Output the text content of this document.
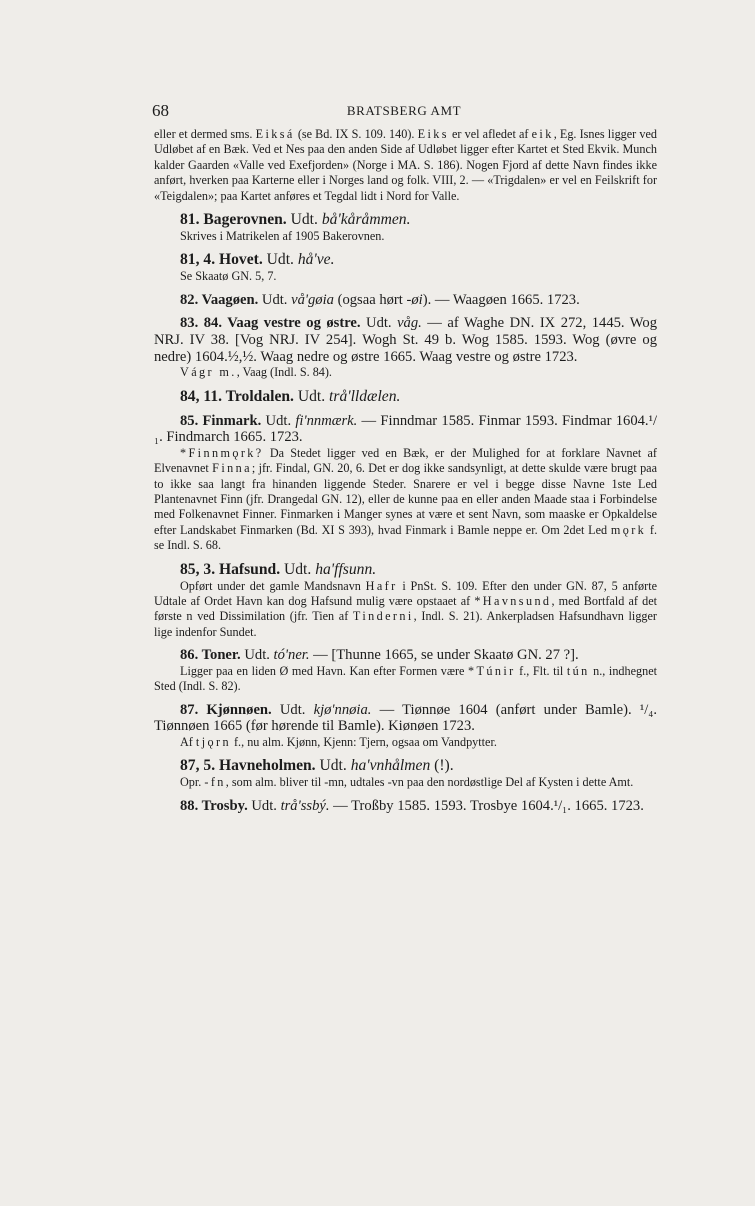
68	BRATSBERG AMT

eller et dermed sms. Eiksá (se Bd. IX S. 109. 140). Eiks er vel afledet af eik, Eg. Isnes ligger ved Udløbet af en Bæk. Ved et Nes paa den anden Side af Udløbet ligger efter Kartet et Sted Ekvik. Munch kalder Gaarden «Valle ved Exefjorden» (Norge i MA. S. 186). Nogen Fjord af dette Navn findes ikke anført, hverken paa Karterne eller i Norges land og folk. VIII, 2. — «Trigdalen» er vel en Feilskrift for «Teigdalen»; paa Kartet anføres et Tegdal lidt i Nord for Valle.

81. Bagerovnen. Udt. bå'kåråmmen.

Skrives i Matrikelen af 1905 Bakerovnen.

81, 4. Hovet. Udt. hå've.

Se Skaatø GN. 5, 7.

82. Vaagøen. Udt. vå'gøia (ogsaa hørt -øi). — Waagøen 1665. 1723.

83. 84. Vaag vestre og østre. Udt. våg. — af Waghe DN. IX 272, 1445. Wog NRJ. IV 38. [Vog NRJ. IV 254]. Wogh St. 49 b. Wog 1585. 1593. Wog (øvre og nedre) 1604.½,½. Waag nedre og østre 1665. Waag vestre og østre 1723.

Vágr m., Vaag (Indl. S. 84).

84, 11. Troldalen. Udt. trå'lldælen.

85. Finmark. Udt. fi'nnmærk. — Finndmar 1585. Finmar 1593. Findmar 1604.¹/₁. Findmarch 1665. 1723.

*Finnmǫrk? Da Stedet ligger ved en Bæk, er der Mulighed for at forklare Navnet af Elvenavnet Finna; jfr. Findal, GN. 20, 6. Det er dog ikke sandsynligt, at dette skulde være brugt paa to ikke saa langt fra hinanden liggende Steder. Snarere er vel i begge disse Navne 1ste Led Plantenavnet Finn (jfr. Drangedal GN. 12), eller de kunne paa en eller anden Maade staa i Forbindelse med Folkenavnet Finner. Finmarken i Manger synes at være et sent Navn, som maaske er Opkaldelse efter Landskabet Finmarken (Bd. XI S 393), hvad Finmark i Bamle neppe er. Om 2det Led mǫrk f. se Indl. S. 68.

85, 3. Hafsund. Udt. ha'ffsunn.

Opført under det gamle Mandsnavn Hafr i PnSt. S. 109. Efter den under GN. 87, 5 anførte Udtale af Ordet Havn kan dog Hafsund mulig være opstaaet af *Havnsund, med Bortfald af det første n ved Dissimilation (jfr. Tien af Tinderni, Indl. S. 21). Ankerpladsen Hafsundhavn ligger lige indenfor Sundet.

86. Toner. Udt. tó'ner. — [Thunne 1665, se under Skaatø GN. 27 ?].

Ligger paa en liden Ø med Havn. Kan efter Formen være *Túnir f., Flt. til tún n., indhegnet Sted (Indl. S. 82).

87. Kjønnøen. Udt. kjø'nnøia. — Tiønnøe 1604 (anført under Bamle). ¹/₄. Tiønnøen 1665 (før hørende til Bamle). Kiønøen 1723.

Af tjǫrn f., nu alm. Kjønn, Kjenn: Tjern, ogsaa om Vandpytter.

87, 5. Havneholmen. Udt. ha'vnhålmen (!).

Opr. -fn, som alm. bliver til -mn, udtales -vn paa den nordøstlige Del af Kysten i dette Amt.

88. Trosby. Udt. trå'ssbý. — Troßby 1585. 1593. Trosbye 1604.¹/₁. 1665. 1723.
